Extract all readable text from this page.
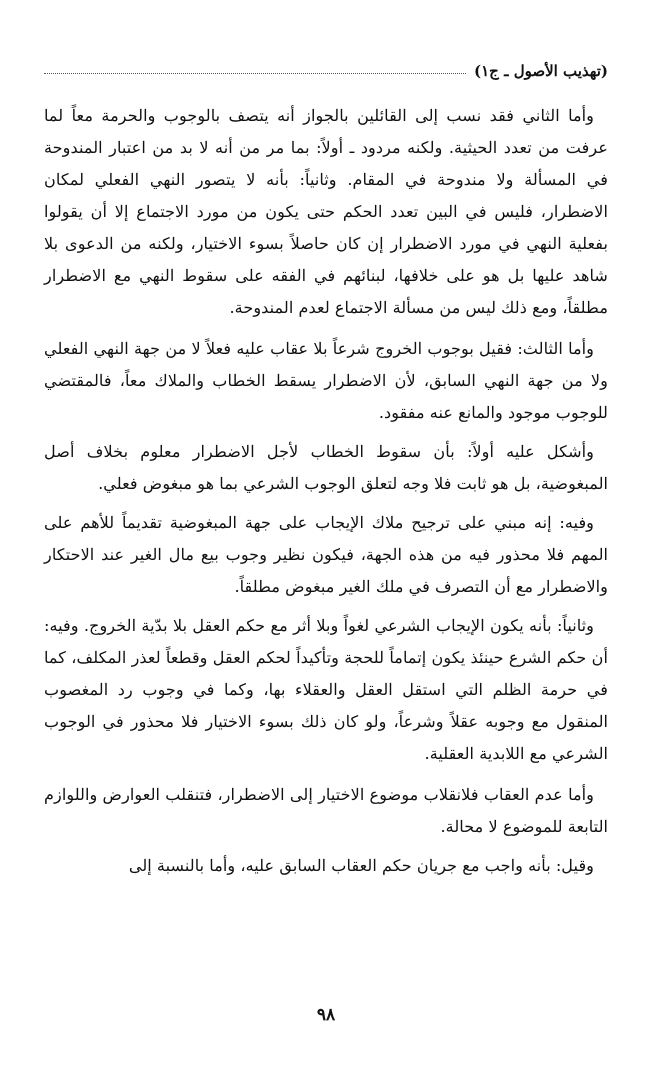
(تهذيب الأصول ـ ج١)

وأما الثاني فقد نسب إلى القائلين بالجواز أنه يتصف بالوجوب والحرمة معاً لما عرفت من تعدد الحيثية. ولكنه مردود ـ أولاً: بما مر من أنه لا بد من اعتبار المندوحة في المسألة ولا مندوحة في المقام. وثانياً: بأنه لا يتصور النهي الفعلي لمكان الاضطرار، فليس في البين تعدد الحكم حتى يكون من مورد الاجتماع إلا أن يقولوا بفعلية النهي في مورد الاضطرار إن كان حاصلاً بسوء الاختيار، ولكنه من الدعوى بلا شاهد عليها بل هو على خلافها، لبنائهم في الفقه على سقوط النهي مع الاضطرار مطلقاً، ومع ذلك ليس من مسألة الاجتماع لعدم المندوحة.

وأما الثالث: فقيل بوجوب الخروج شرعاً بلا عقاب عليه فعلاً لا من جهة النهي الفعلي ولا من جهة النهي السابق، لأن الاضطرار يسقط الخطاب والملاك معاً، فالمقتضي للوجوب موجود والمانع عنه مفقود.

وأشكل عليه أولاً: بأن سقوط الخطاب لأجل الاضطرار معلوم بخلاف أصل المبغوضية، بل هو ثابت فلا وجه لتعلق الوجوب الشرعي بما هو مبغوض فعلي.

وفيه: إنه مبني على ترجيح ملاك الإيجاب على جهة المبغوضية تقديماً للأهم على المهم فلا محذور فيه من هذه الجهة، فيكون نظير وجوب بيع مال الغير عند الاحتكار والاضطرار مع أن التصرف في ملك الغير مبغوض مطلقاً.

وثانياً: بأنه يكون الإيجاب الشرعي لغواً وبلا أثر مع حكم العقل بلا بدّية الخروج. وفيه: أن حكم الشرع حينئذ يكون إتماماً للحجة وتأكيداً لحكم العقل وقطعاً لعذر المكلف، كما في حرمة الظلم التي استقل العقل والعقلاء بها، وكما في وجوب رد المغصوب المنقول مع وجوبه عقلاً وشرعاً، ولو كان ذلك بسوء الاختيار فلا محذور في الوجوب الشرعي مع اللابدية العقلية.

وأما عدم العقاب فلانقلاب موضوع الاختيار إلى الاضطرار، فتنقلب العوارض واللوازم التابعة للموضوع لا محالة.

وقيل: بأنه واجب مع جريان حكم العقاب السابق عليه، وأما بالنسبة إلى

٩٨
